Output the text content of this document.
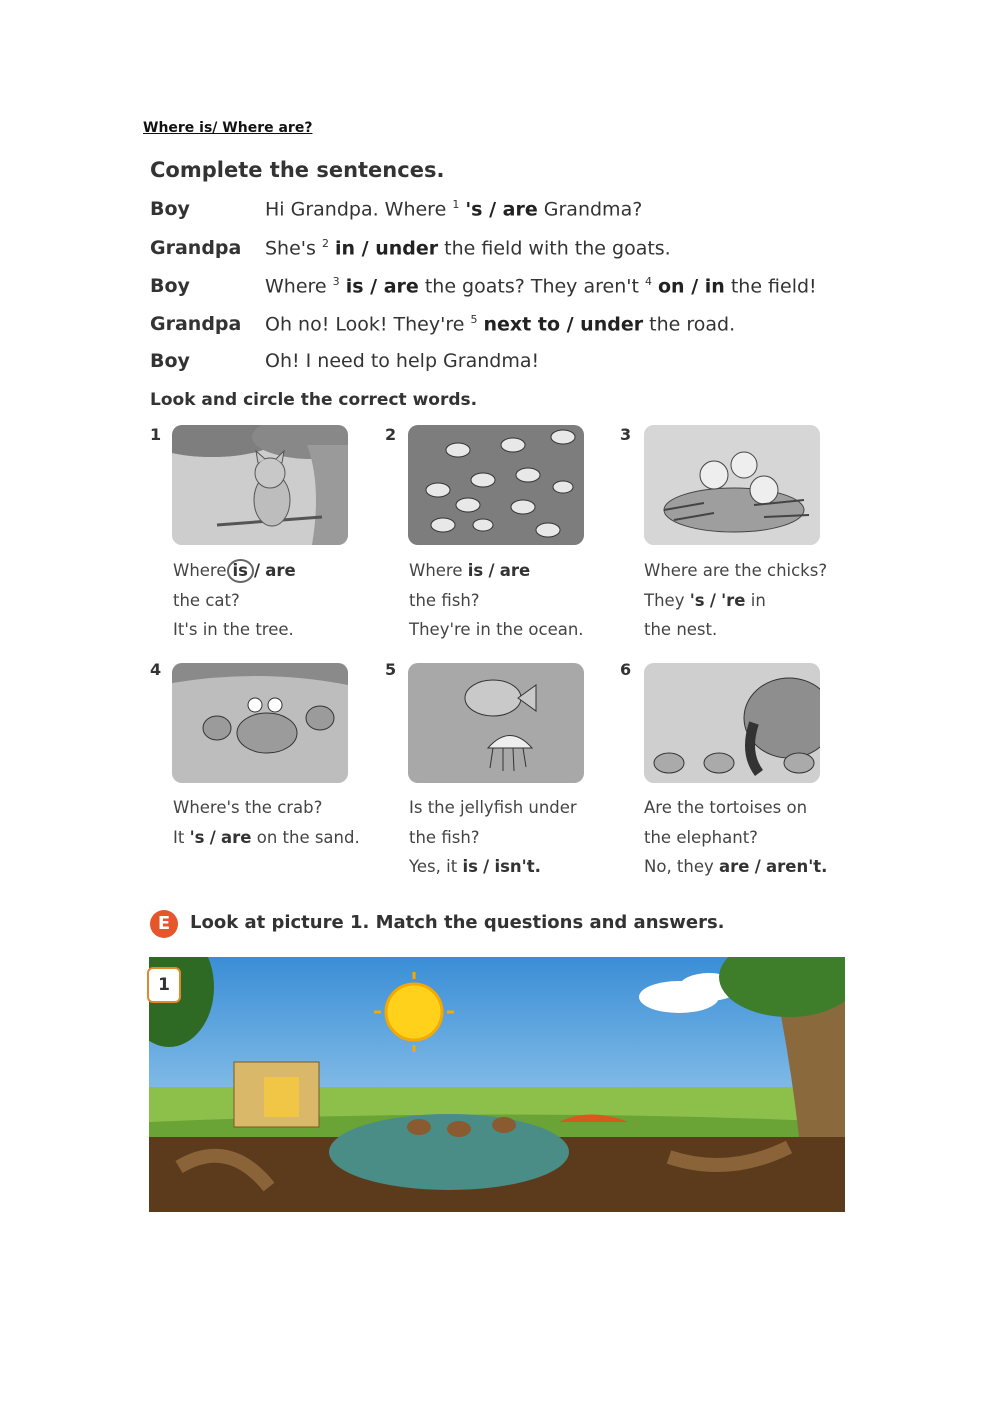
Where is/ Where are?
Complete the sentences.
Boy	Hi Grandpa. Where $^1$ 's / are Grandma?
Grandpa She's $^2$ in / under the field with the goats.
Boy	Where $^3$ is / are the goats? They aren't $^4$ on / in the field!
Grandpa Oh no! Look! They're $^5$ next to / under the road.
Boy	Oh! I need to help Grandma!
Look and circle the correct words.
1	2	3
4	5	6
Where is / are
the cat?
It's in the tree.
Where is / are
the fish?
They're in the ocean.
Where are the chicks?
They 's / 're in
the nest.
Where's the crab?
It 's / are on the sand.
Is the jellyfish under
the fish?
Yes, it is / isn't.
Are the tortoises on
the elephant?
No, they are / aren't.
E	Look at picture 1. Match the questions and answers.
1
